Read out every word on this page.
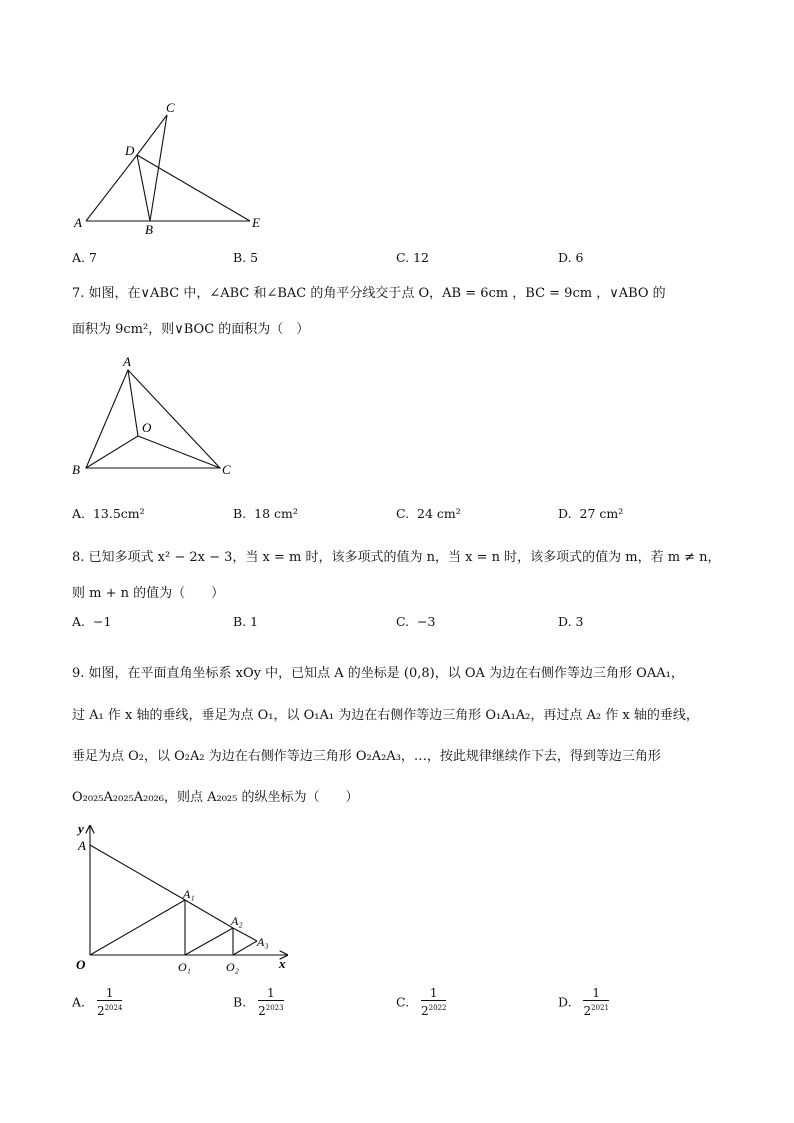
C
D
A	B	E
A. 7	B. 5	C. 12	D. 6
7. 如图，在∨ABC 中，∠ABC 和∠BAC 的角平分线交于点 O，AB = 6cm ，BC = 9cm ，∨ABO 的
面积为 9cm²，则∨BOC 的面积为（　）
A
O
B	C
A. 13.5cm²	B. 18 cm²	C. 24 cm²	D. 27 cm²
8. 已知多项式 x² − 2x − 3，当 x = m 时，该多项式的值为 n，当 x = n 时，该多项式的值为 m，若 m ≠ n，
则 m + n 的值为（　　）
A. −1	B. 1	C. −3	D. 3
9. 如图，在平面直角坐标系 xOy 中，已知点 A 的坐标是 (0,8)，以 OA 为边在右侧作等边三角形 OAA₁，
过 A₁ 作 x 轴的垂线，垂足为点 O₁，以 O₁A₁ 为边在右侧作等边三角形 O₁A₁A₂，再过点 A₂ 作 x 轴的垂线，
垂足为点 O₂，以 O₂A₂ 为边在右侧作等边三角形 O₂A₂A₃，…，按此规律继续作下去，得到等边三角形
O₂₀₂₅A₂₀₂₅A₂₀₂₆，则点 A₂₀₂₅ 的纵坐标为（　　）
y
A
A₁
A₂
A₃
O	O₁	O₂	x
A. $\frac{1}{2^{2024}}$	B. $\frac{1}{2^{2023}}$	C. $\frac{1}{2^{2022}}$	D. $\frac{1}{2^{2021}}$
